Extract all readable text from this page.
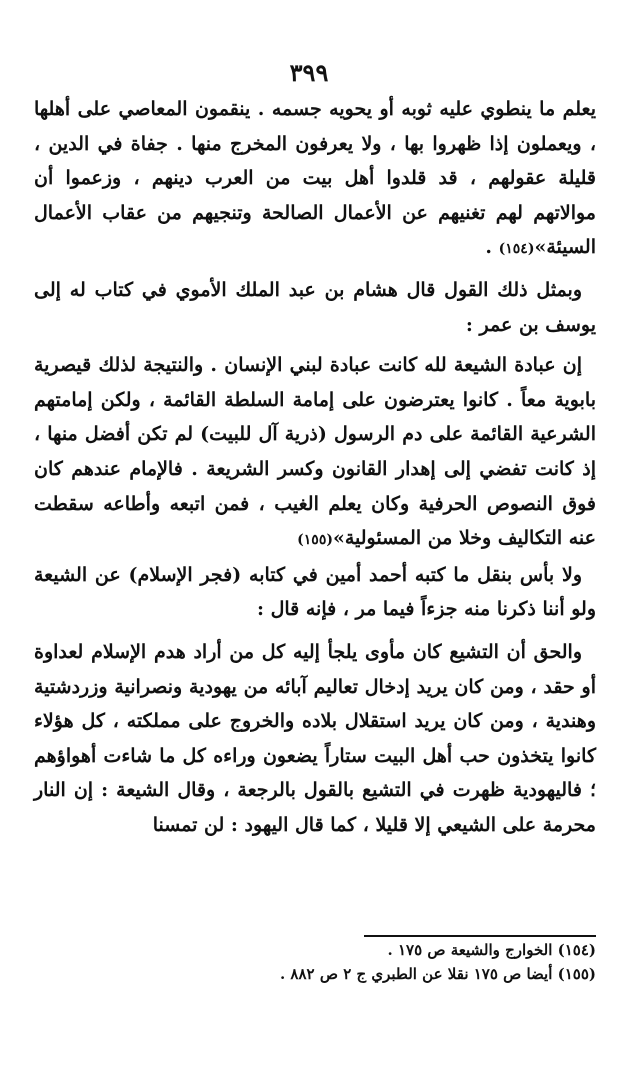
٣٩٩

يعلم ما ينطوي عليه ثوبه أو يحويه جسمه . ينقمون المعاصي على أهلها ، ويعملون إذا ظهروا بها ، ولا يعرفون المخرج منها . جفاة في الدين ، قليلة عقولهم ، قد قلدوا أهل بيت من العرب دينهم ، وزعموا أن موالاتهم لهم تغنيهم عن الأعمال الصالحة وتنجيهم من عقاب الأعمال السيئة»(١٥٤) .

وبمثل ذلك القول قال هشام بن عبد الملك الأموي في كتاب له إلى يوسف بن عمر :

إن عبادة الشيعة لله كانت عبادة لبني الإنسان . والنتيجة لذلك قيصرية بابوية معاً . كانوا يعترضون على إمامة السلطة القائمة ، ولكن إمامتهم الشرعية القائمة على دم الرسول (ذرية آل للبيت) لم تكن أفضل منها ، إذ كانت تفضي إلى إهدار القانون وكسر الشريعة . فالإمام عندهم كان فوق النصوص الحرفية وكان يعلم الغيب ، فمن اتبعه وأطاعه سقطت عنه التكاليف وخلا من المسئولية»(١٥٥)

ولا بأس بنقل ما كتبه أحمد أمين في كتابه (فجر الإسلام) عن الشيعة ولو أننا ذكرنا منه جزءاً فيما مر ، فإنه قال :

والحق أن التشيع كان مأوى يلجأ إليه كل من أراد هدم الإسلام لعداوة أو حقد ، ومن كان يريد إدخال تعاليم آبائه من يهودية ونصرانية وزردشتية وهندية ، ومن كان يريد استقلال بلاده والخروج على مملكته ، كل هؤلاء كانوا يتخذون حب أهل البيت ستاراً يضعون وراءه كل ما شاءت أهواؤهم ؛ فاليهودية ظهرت في التشيع بالقول بالرجعة ، وقال الشيعة : إن النار محرمة على الشيعي إلا قليلا ، كما قال اليهود : لن تمسنا

(١٥٤) الخوارج والشيعة ص ١٧٥ .

(١٥٥) أيضا ص ١٧٥ نقلا عن الطبري ج ٢ ص ٨٨٢ .
